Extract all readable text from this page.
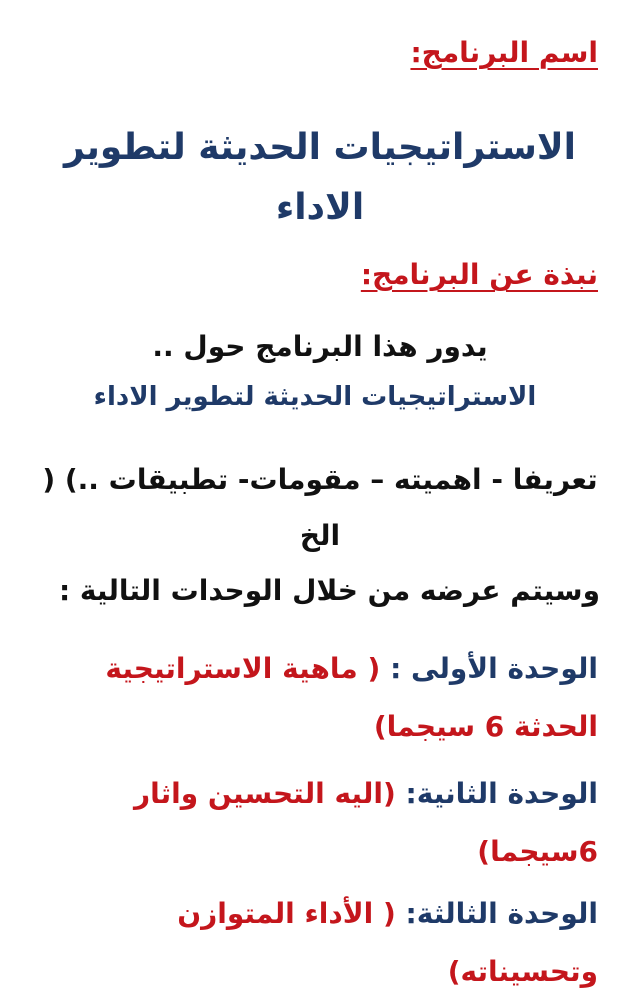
اسم البرنامج:
الاستراتيجيات الحديثة لتطوير الاداء
نبذة عن البرنامج:
يدور هذا البرنامج حول ..
الاستراتيجيات الحديثة لتطوير الاداء
تعريفا - اهميته – مقومات- تطبيقات ..) ( الخ
وسيتم عرضه من خلال الوحدات التالية :
الوحدة الأولى : ( ماهية الاستراتيجية الحدثة 6 سيجما)
الوحدة الثانية: (اليه التحسين واثار 6سيجما)
الوحدة الثالثة: ( الأداء المتوازن وتحسيناته)
